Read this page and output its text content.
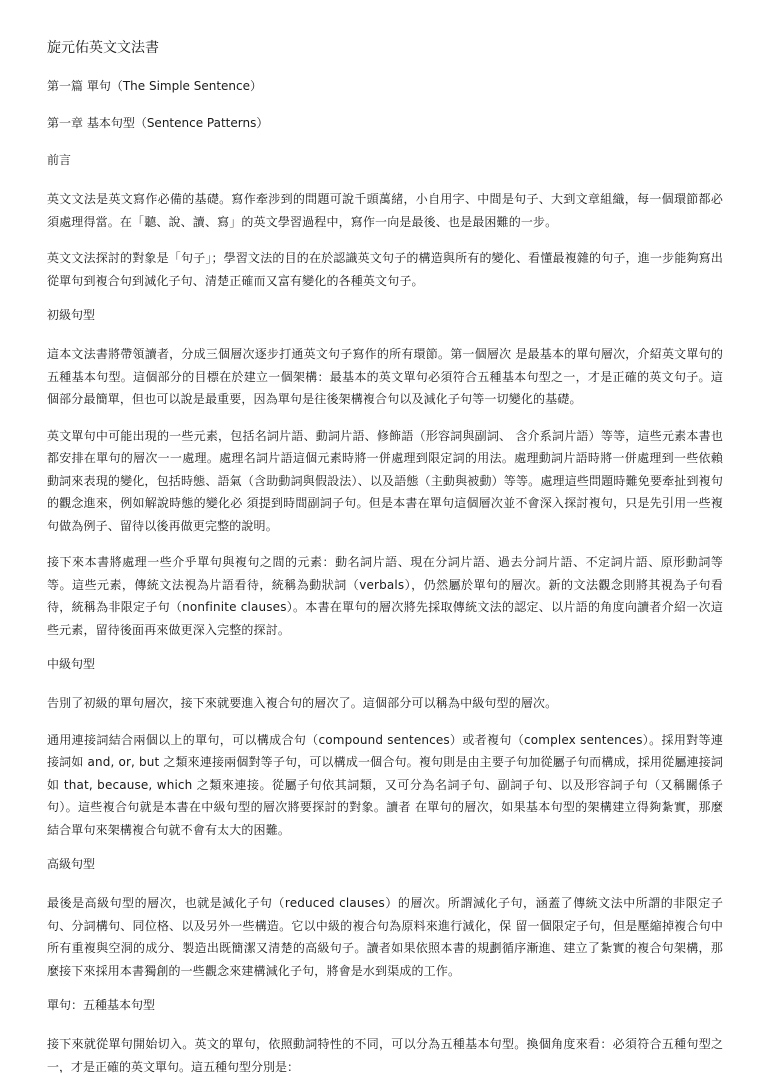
旋元佑英文文法書
第一篇 單句（The Simple Sentence）
第一章 基本句型（Sentence Patterns）
前言

英文文法是英文寫作必備的基礎。寫作牽涉到的問題可說千頭萬緒，小自用字、中間是句子、大到文章組織，每一個環節都必須處理得當。在「聽、說、讀、寫」的英文學習過程中，寫作一向是最後、也是最困難的一步。

英文文法探討的對象是「句子」；學習文法的目的在於認識英文句子的構造與所有的變化、看懂最複雜的句子，進一步能夠寫出從單句到複合句到減化子句、清楚正確而又富有變化的各種英文句子。

初級句型

這本文法書將帶領讀者，分成三個層次逐步打通英文句子寫作的所有環節。第一個層次 是最基本的單句層次，介紹英文單句的五種基本句型。這個部分的目標在於建立一個架構：最基本的英文單句必須符合五種基本句型之一，才是正確的英文句子。這 個部分最簡單，但也可以說是最重要，因為單句是往後架構複合句以及減化子句等一切變化的基礎。

英文單句中可能出現的一些元素，包括名詞片語、動詞片語、修飾語（形容詞與副詞、 含介系詞片語）等等，這些元素本書也都安排在單句的層次一一處理。處理名詞片語這個元素時將一併處理到限定詞的用法。處理動詞片語時將一併處理到一些依賴 動詞來表現的變化，包括時態、語氣（含助動詞與假設法）、以及語態（主動與被動）等等。處理這些問題時難免要牽扯到複句的觀念進來，例如解說時態的變化必 須提到時間副詞子句。但是本書在單句這個層次並不會深入探討複句，只是先引用一些複句做為例子、留待以後再做更完整的說明。

接下來本書將處理一些介乎單句與複句之間的元素：動名詞片語、現在分詞片語、過去分詞片語、不定詞片語、原形動詞等等。這些元素，傳統文法視為片語看待，統稱為動狀詞（verbals），仍然屬於單句的層次。新的文法觀念則將其視為子句看待，統稱為非限定子句（nonfinite clauses）。本書在單句的層次將先採取傳統文法的認定、以片語的角度向讀者介紹一次這些元素，留待後面再來做更深入完整的探討。

中級句型

告別了初級的單句層次，接下來就要進入複合句的層次了。這個部分可以稱為中級句型的層次。

通用連接詞結合兩個以上的單句，可以構成合句（compound sentences）或者複句（complex sentences）。採用對等連接詞如 and, or, but 之類來連接兩個對等子句，可以構成一個合句。複句則是由主要子句加從屬子句而構成，採用從屬連接詞如 that, because, which 之類來連接。從屬子句依其詞類，又可分為名詞子句、副詞子句、以及形容詞子句（又稱關係子句）。這些複合句就是本書在中級句型的層次將要探討的對象。讀者 在單句的層次，如果基本句型的架構建立得夠紮實，那麼結合單句來架構複合句就不會有太大的困難。

高級句型

最後是高級句型的層次，也就是減化子句（reduced clauses）的層次。所謂減化子句，涵蓋了傳統文法中所謂的非限定子句、分詞構句、同位格、以及另外一些構造。它以中級的複合句為原料來進行減化，保 留一個限定子句，但是壓縮掉複合句中所有重複與空洞的成分、製造出既簡潔又清楚的高級句子。讀者如果依照本書的規劃循序漸進、建立了紮實的複合句架構，那 麼接下來採用本書獨創的一些觀念來建構減化子句，將會是水到渠成的工作。

單句：五種基本句型

接下來就從單句開始切入。英文的單句，依照動詞特性的不同，可以分為五種基本句型。換個角度來看：必須符合五種句型之一，才是正確的英文單句。這五種句型分別是：
